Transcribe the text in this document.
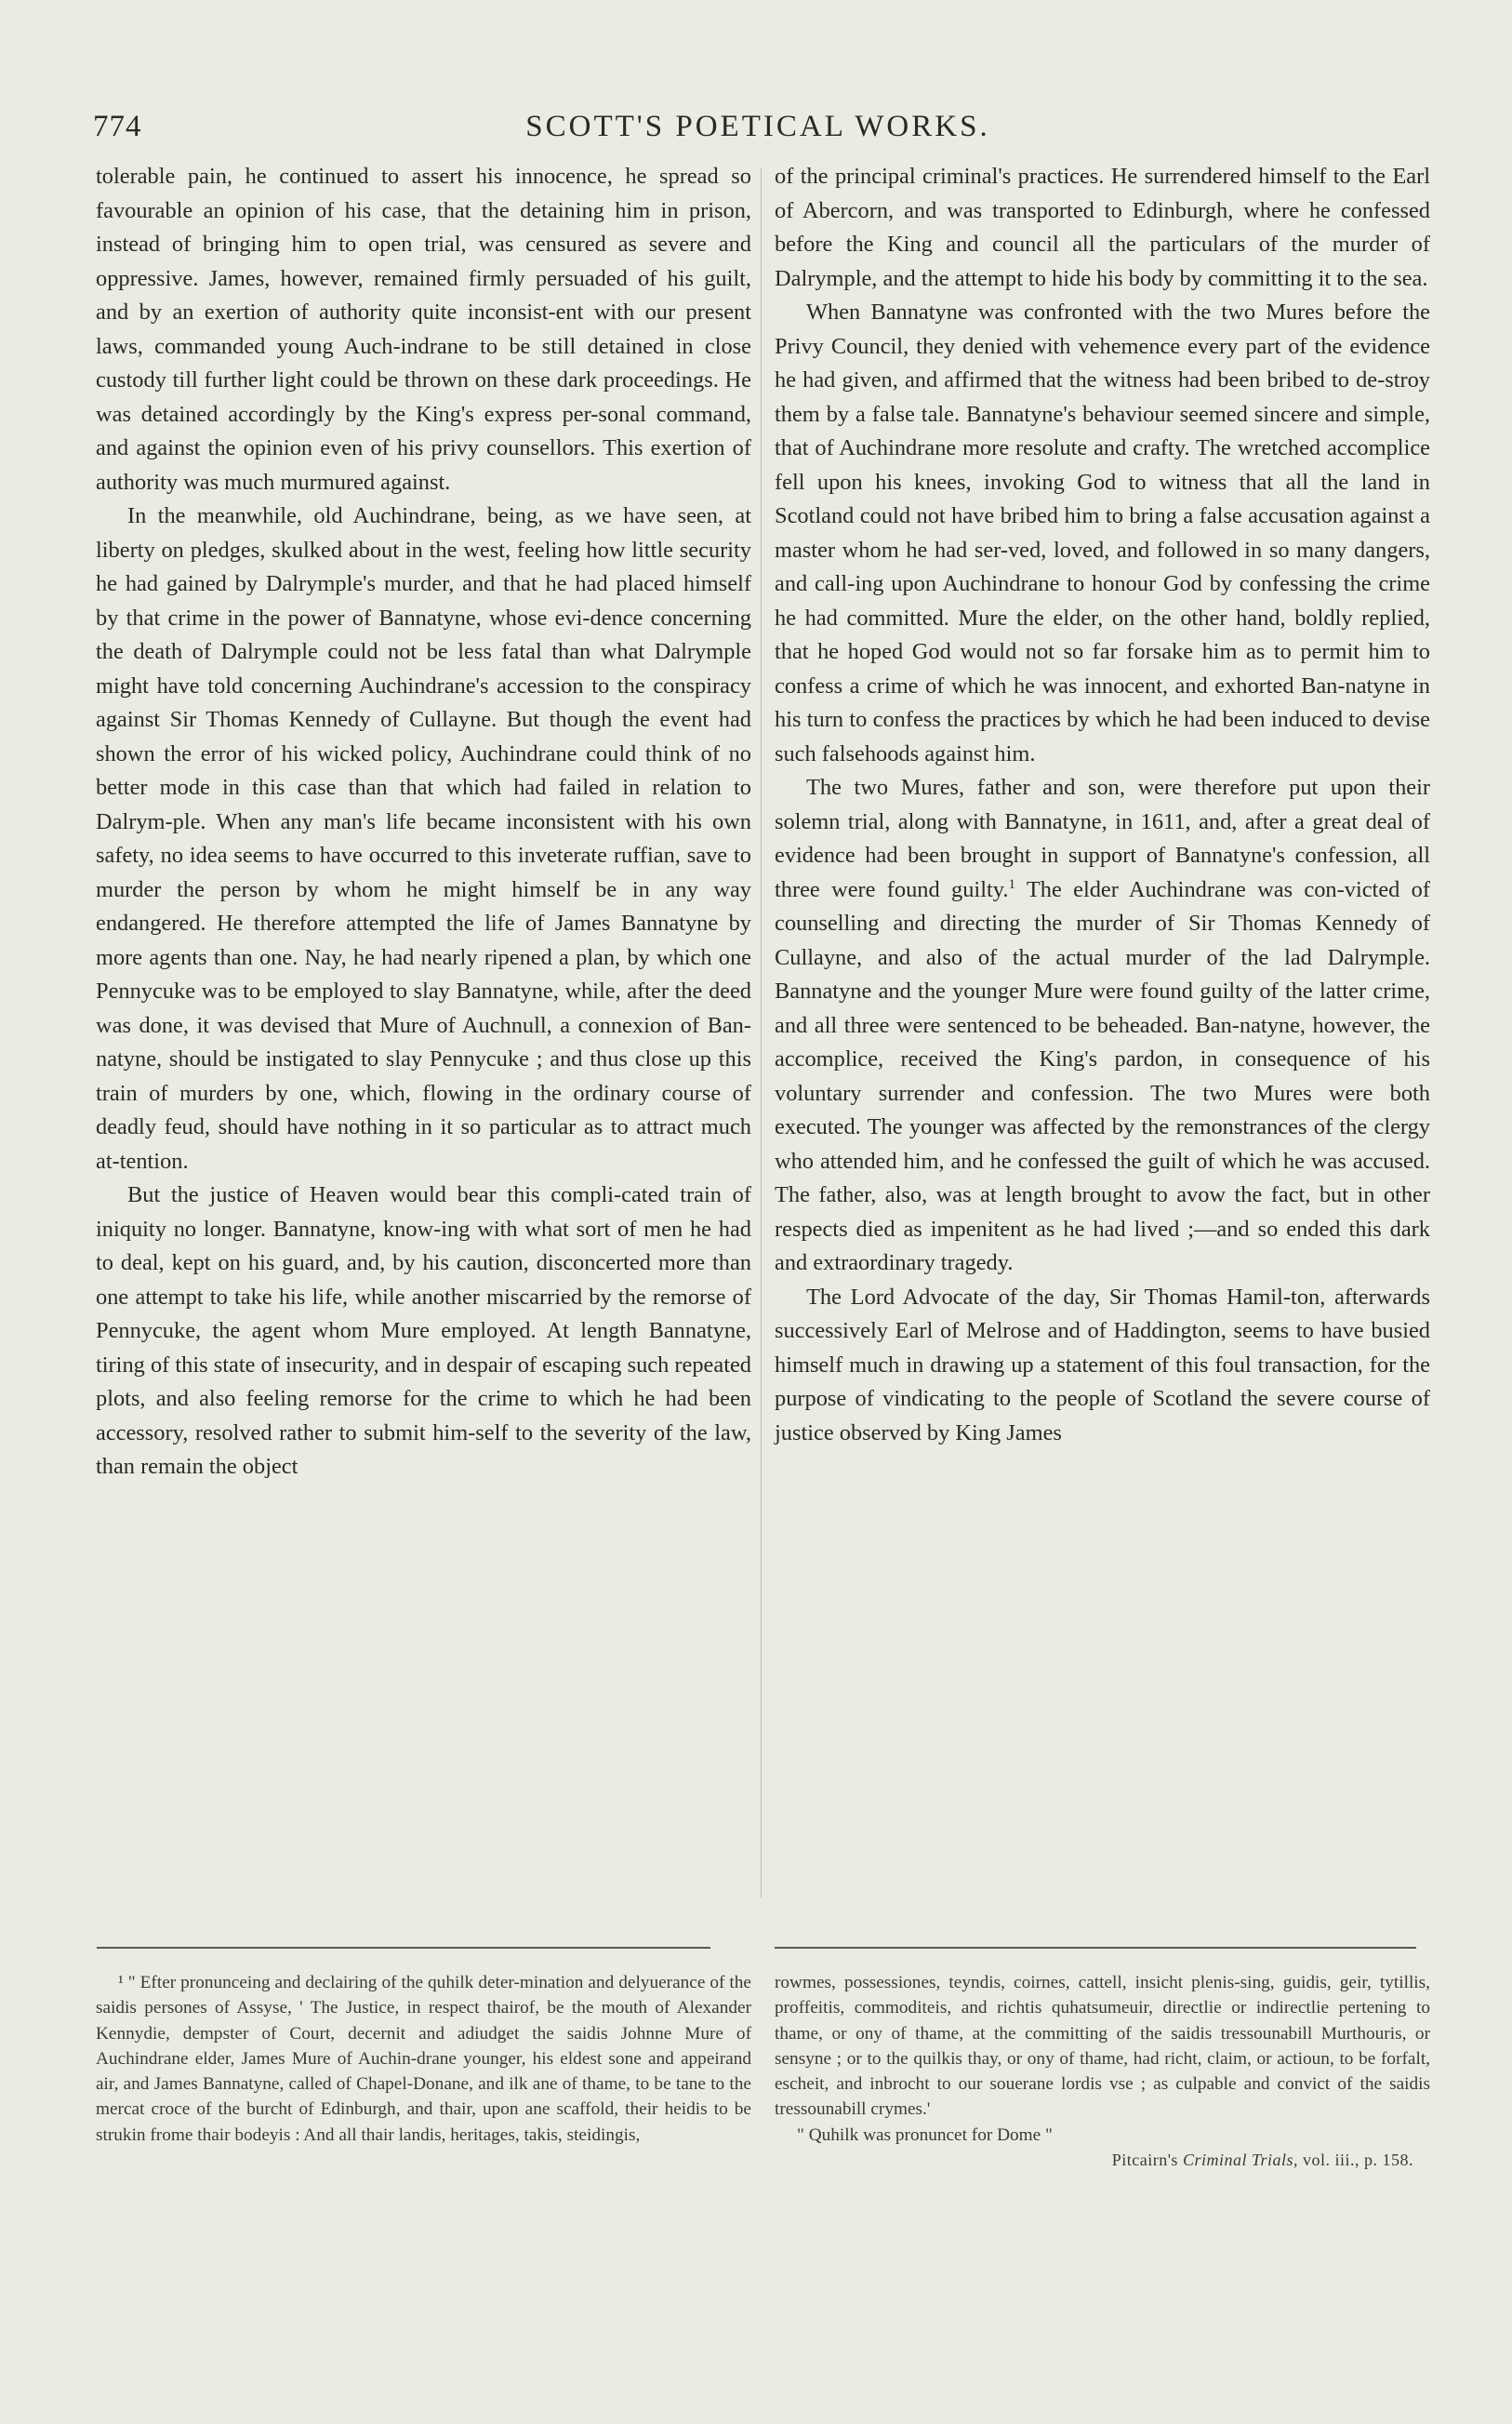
774	SCOTT'S POETICAL WORKS.

tolerable pain, he continued to assert his innocence, he spread so favourable an opinion of his case, that the detaining him in prison, instead of bringing him to open trial, was censured as severe and oppressive. James, however, remained firmly persuaded of his guilt, and by an exertion of authority quite inconsist-ent with our present laws, commanded young Auch-indrane to be still detained in close custody till further light could be thrown on these dark proceedings. He was detained accordingly by the King's express per-sonal command, and against the opinion even of his privy counsellors. This exertion of authority was much murmured against.

In the meanwhile, old Auchindrane, being, as we have seen, at liberty on pledges, skulked about in the west, feeling how little security he had gained by Dalrymple's murder, and that he had placed himself by that crime in the power of Bannatyne, whose evi-dence concerning the death of Dalrymple could not be less fatal than what Dalrymple might have told concerning Auchindrane's accession to the conspiracy against Sir Thomas Kennedy of Cullayne. But though the event had shown the error of his wicked policy, Auchindrane could think of no better mode in this case than that which had failed in relation to Dalrym-ple. When any man's life became inconsistent with his own safety, no idea seems to have occurred to this inveterate ruffian, save to murder the person by whom he might himself be in any way endangered. He therefore attempted the life of James Bannatyne by more agents than one. Nay, he had nearly ripened a plan, by which one Pennycuke was to be employed to slay Bannatyne, while, after the deed was done, it was devised that Mure of Auchnull, a connexion of Ban-natyne, should be instigated to slay Pennycuke ; and thus close up this train of murders by one, which, flowing in the ordinary course of deadly feud, should have nothing in it so particular as to attract much at-tention.

But the justice of Heaven would bear this compli-cated train of iniquity no longer. Bannatyne, know-ing with what sort of men he had to deal, kept on his guard, and, by his caution, disconcerted more than one attempt to take his life, while another miscarried by the remorse of Pennycuke, the agent whom Mure employed. At length Bannatyne, tiring of this state of insecurity, and in despair of escaping such repeated plots, and also feeling remorse for the crime to which he had been accessory, resolved rather to submit him-self to the severity of the law, than remain the object

of the principal criminal's practices. He surrendered himself to the Earl of Abercorn, and was transported to Edinburgh, where he confessed before the King and council all the particulars of the murder of Dalrymple, and the attempt to hide his body by committing it to the sea.

When Bannatyne was confronted with the two Mures before the Privy Council, they denied with vehemence every part of the evidence he had given, and affirmed that the witness had been bribed to de-stroy them by a false tale. Bannatyne's behaviour seemed sincere and simple, that of Auchindrane more resolute and crafty. The wretched accomplice fell upon his knees, invoking God to witness that all the land in Scotland could not have bribed him to bring a false accusation against a master whom he had ser-ved, loved, and followed in so many dangers, and call-ing upon Auchindrane to honour God by confessing the crime he had committed. Mure the elder, on the other hand, boldly replied, that he hoped God would not so far forsake him as to permit him to confess a crime of which he was innocent, and exhorted Ban-natyne in his turn to confess the practices by which he had been induced to devise such falsehoods against him.

The two Mures, father and son, were therefore put upon their solemn trial, along with Bannatyne, in 1611, and, after a great deal of evidence had been brought in support of Bannatyne's confession, all three were found guilty.$^1$ The elder Auchindrane was con-victed of counselling and directing the murder of Sir Thomas Kennedy of Cullayne, and also of the actual murder of the lad Dalrymple. Bannatyne and the younger Mure were found guilty of the latter crime, and all three were sentenced to be beheaded. Ban-natyne, however, the accomplice, received the King's pardon, in consequence of his voluntary surrender and confession. The two Mures were both executed. The younger was affected by the remonstrances of the clergy who attended him, and he confessed the guilt of which he was accused. The father, also, was at length brought to avow the fact, but in other respects died as impenitent as he had lived ;—and so ended this dark and extraordinary tragedy.

The Lord Advocate of the day, Sir Thomas Hamil-ton, afterwards successively Earl of Melrose and of Haddington, seems to have busied himself much in drawing up a statement of this foul transaction, for the purpose of vindicating to the people of Scotland the severe course of justice observed by King James

¹ " Efter pronunceing and declairing of the quhilk deter-mination and delyuerance of the saidis persones of Assyse, ' The Justice, in respect thairof, be the mouth of Alexander Kennydie, dempster of Court, decernit and adiudget the saidis Johnne Mure of Auchindrane elder, James Mure of Auchin-drane younger, his eldest sone and appeirand air, and James Bannatyne, called of Chapel-Donane, and ilk ane of thame, to be tane to the mercat croce of the burcht of Edinburgh, and thair, upon ane scaffold, their heidis to be strukin frome thair bodeyis : And all thair landis, heritages, takis, steidingis,

rowmes, possessiones, teyndis, coirnes, cattell, insicht plenis-sing, guidis, geir, tytillis, proffeitis, commoditeis, and richtis quhatsumeuir, directlie or indirectlie pertening to thame, or ony of thame, at the committing of the saidis tressounabill Murthouris, or sensyne ; or to the quilkis thay, or ony of thame, had richt, claim, or actioun, to be forfalt, escheit, and inbrocht to our souerane lordis vse ; as culpable and convict of the saidis tressounabill crymes.'

" Quhilk was pronuncet for Dome "

Pitcairn's Criminal Trials, vol. iii., p. 158.
